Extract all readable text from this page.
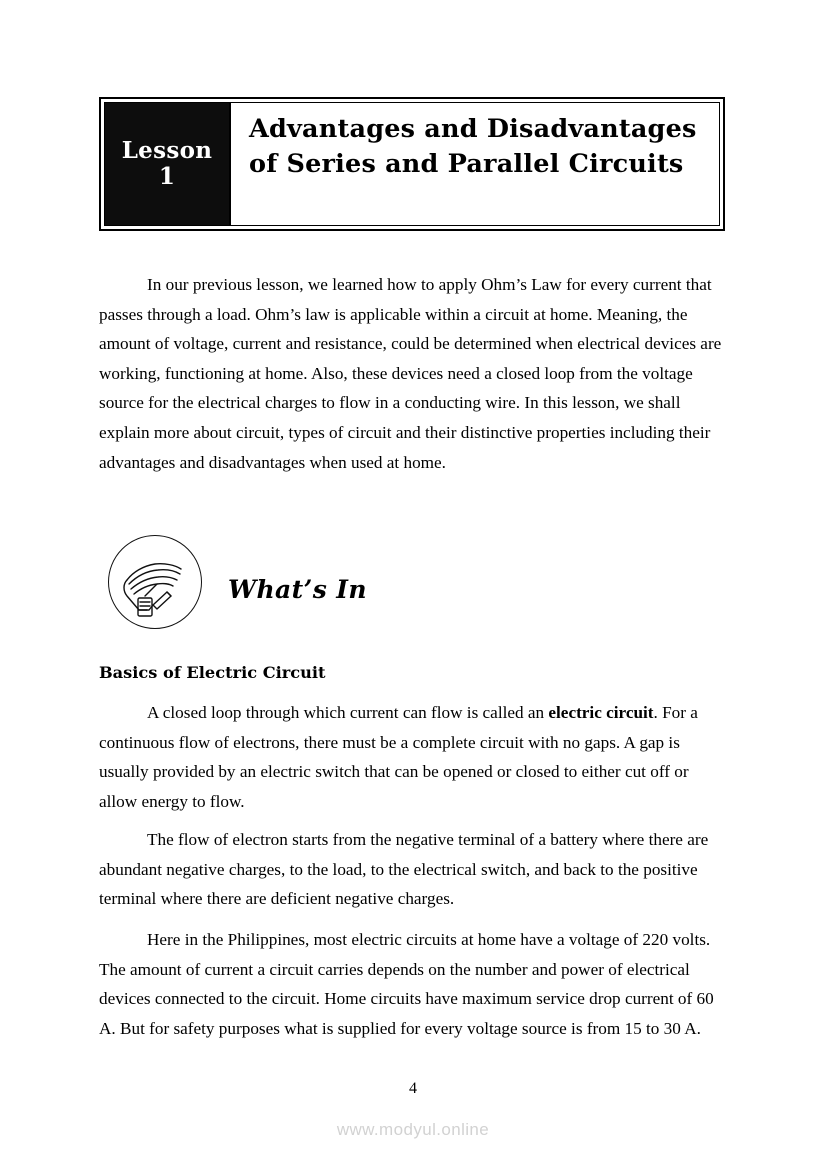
Lesson
1
Advantages and Disadvantages of Series and Parallel Circuits
In our previous lesson, we learned how to apply Ohm’s Law for every current that passes through a load. Ohm’s law is applicable within a circuit at home. Meaning, the amount of voltage, current and resistance, could be determined when electrical devices are working, functioning at home. Also, these devices need a closed loop from the voltage source for the electrical charges to flow in a conducting wire. In this lesson, we shall explain more about circuit, types of circuit and their distinctive properties including their advantages and disadvantages when used at home.
What’s In
Basics of Electric Circuit
A closed loop through which current can flow is called an electric circuit. For a continuous flow of electrons, there must be a complete circuit with no gaps. A gap is usually provided by an electric switch that can be opened or closed to either cut off or allow energy to flow.
The flow of electron starts from the negative terminal of a battery where there are abundant negative charges, to the load, to the electrical switch, and back to the positive terminal where there are deficient negative charges.
Here in the Philippines, most electric circuits at home have a voltage of 220 volts. The amount of current a circuit carries depends on the number and power of electrical devices connected to the circuit. Home circuits have maximum service drop current of 60 A. But for safety purposes what is supplied for every voltage source is from 15 to 30 A.
4
www.modyul.online
